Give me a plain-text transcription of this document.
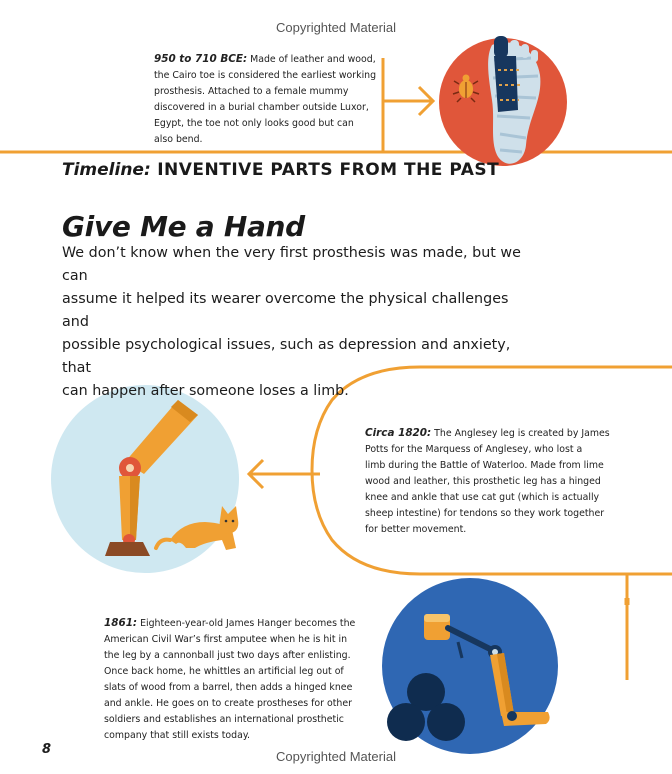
Copyrighted Material
950 to 710 BCE: Made of leather and wood,
the Cairo toe is considered the earliest working
prosthesis. Attached to a female mummy
discovered in a burial chamber outside Luxor,
Egypt, the toe not only looks good but can
also bend.
Timeline: INVENTIVE PARTS FROM THE PAST
Give Me a Hand
We don’t know when the very first prosthesis was made, but we can
assume it helped its wearer overcome the physical challenges and
possible psychological issues, such as depression and anxiety, that
can happen after someone loses a limb.
Circa 1820: The Anglesey leg is created by James
Potts for the Marquess of Anglesey, who lost a
limb during the Battle of Waterloo. Made from lime
wood and leather, this prosthetic leg has a hinged
knee and ankle that use cat gut (which is actually
sheep intestine) for tendons so they work together
for better movement.
1861: Eighteen-year-old James Hanger becomes the
American Civil War’s first amputee when he is hit in
the leg by a cannonball just two days after enlisting.
Once back home, he whittles an artificial leg out of
slats of wood from a barrel, then adds a hinged knee
and ankle. He goes on to create prostheses for other
soldiers and establishes an international prosthetic
company that still exists today.
8	Copyrighted Material
